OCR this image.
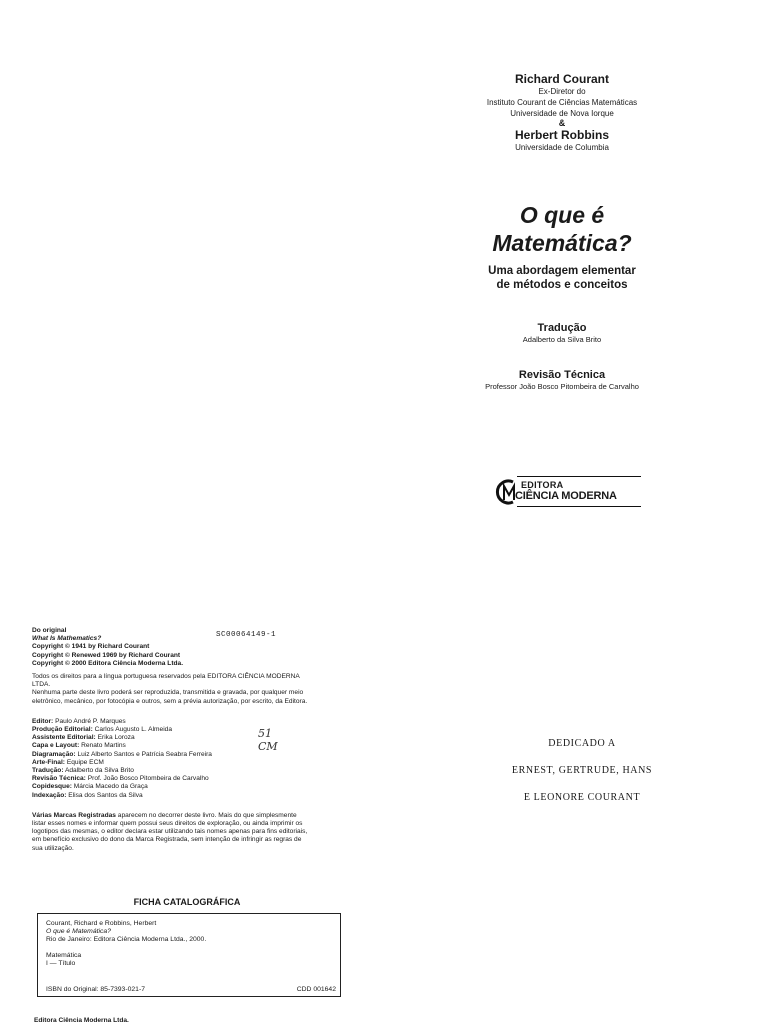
Richard Courant
Ex-Diretor do
Instituto Courant de Ciências Matemáticas
Universidade de Nova Iorque
&
Herbert Robbins
Universidade de Columbia
O que é
Matemática?
Uma abordagem elementar
de métodos e conceitos
Tradução
Adalberto da Silva Brito
Revisão Técnica
Professor João Bosco Pitombeira de Carvalho
EDITORA
CIÊNCIA MODERNA
SC00064149-1
51
CM

Do original

What Is Mathematics?

Copyright © 1941 by Richard Courant

Copyright © Renewed 1969 by Richard Courant

Copyright © 2000 Editora Ciência Moderna Ltda.

Todos os direitos para a língua portuguesa reservados pela EDITORA CIÊNCIA MODERNA

LTDA.

Nenhuma parte deste livro poderá ser reproduzida, transmitida e gravada, por qualquer meio

eletrônico, mecânico, por fotocópia e outros, sem a prévia autorização, por escrito, da Editora.

Editor: Paulo André P. Marques

Produção Editorial: Carlos Augusto L. Almeida

Assistente Editorial: Erika Loroza

Capa e Layout: Renato Martins

Diagramação: Luiz Alberto Santos e Patrícia Seabra Ferreira

Arte-Final: Equipe ECM

Tradução: Adalberto da Silva Brito

Revisão Técnica: Prof. João Bosco Pitombeira de Carvalho

Copidesque: Márcia Macedo da Graça

Indexação: Elisa dos Santos da Silva

Várias Marcas Registradas aparecem no decorrer deste livro. Mais do que simplesmente

listar esses nomes e informar quem possui seus direitos de exploração, ou ainda imprimir os

logotipos das mesmas, o editor declara estar utilizando tais nomes apenas para fins editoriais,

em benefício exclusivo do dono da Marca Registrada, sem intenção de infringir as regras de

sua utilização.

FICHA CATALOGRÁFICA
Courant, Richard e Robbins, Herbert
O que é Matemática?
Rio de Janeiro: Editora Ciência Moderna Ltda., 2000.
Matemática
I — Título
ISBN do Original: 85-7393-021-7	CDD 001642
Editora Ciência Moderna Ltda.
DEDICADO A
ERNEST, GERTRUDE, HANS
E LEONORE COURANT
